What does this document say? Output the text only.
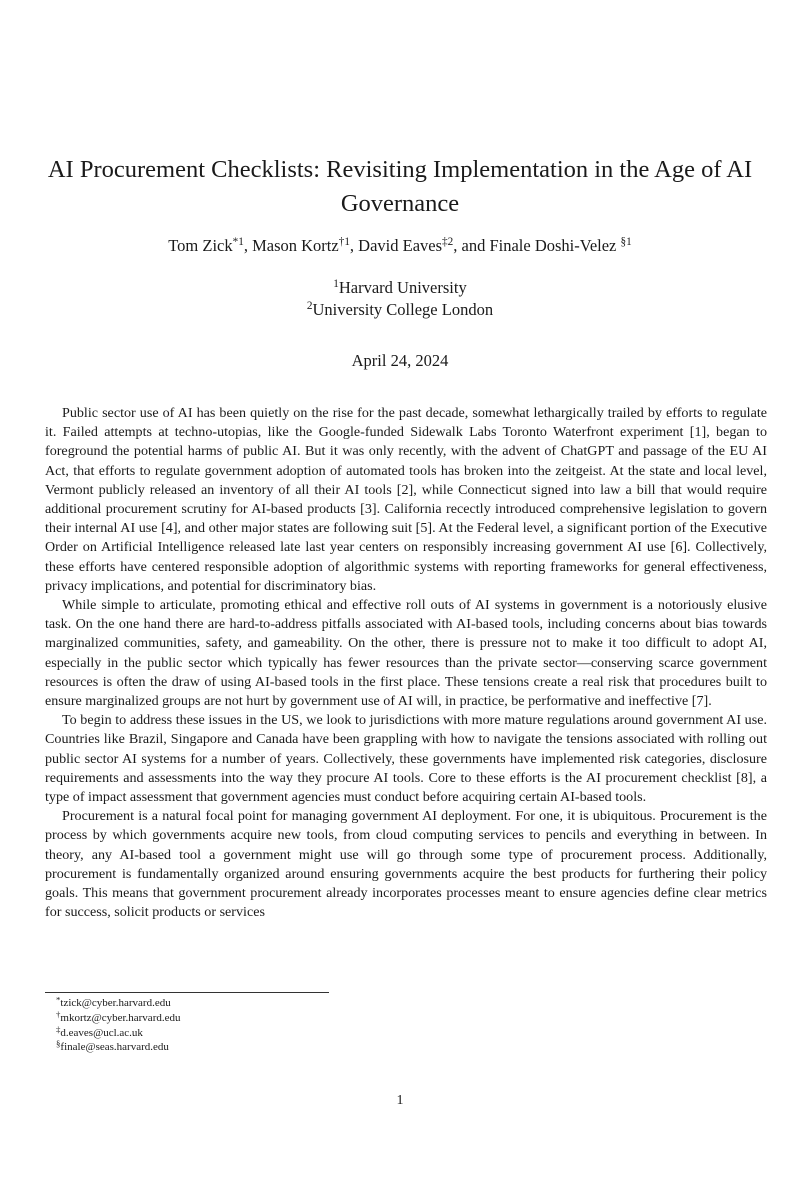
AI Procurement Checklists: Revisiting Implementation in the Age of AI Governance
Tom Zick$^{*1}$, Mason Kortz$^{\dagger 1}$, David Eaves$^{\ddagger 2}$, and Finale Doshi-Velez $^{\S 1}$
$^1$Harvard University
$^2$University College London
April 24, 2024

Public sector use of AI has been quietly on the rise for the past decade, somewhat lethargically trailed by efforts to regulate it. Failed attempts at techno-utopias, like the Google-funded Sidewalk Labs Toronto Waterfront experiment [1], began to foreground the potential harms of public AI. But it was only recently, with the advent of ChatGPT and passage of the EU AI Act, that efforts to regulate government adoption of automated tools has broken into the zeitgeist. At the state and local level, Vermont publicly released an inventory of all their AI tools [2], while Connecticut signed into law a bill that would require additional procurement scrutiny for AI-based products [3]. California recectly introduced comprehensive legislation to govern their internal AI use [4], and other major states are following suit [5]. At the Federal level, a significant portion of the Executive Order on Artificial Intelligence released late last year centers on responsibly increasing government AI use [6]. Collectively, these efforts have centered responsible adoption of algorithmic systems with reporting frameworks for general effectiveness, privacy implications, and potential for discriminatory bias.

While simple to articulate, promoting ethical and effective roll outs of AI systems in government is a notoriously elusive task. On the one hand there are hard-to-address pitfalls associated with AI-based tools, including concerns about bias towards marginalized communities, safety, and gameability. On the other, there is pressure not to make it too difficult to adopt AI, especially in the public sector which typically has fewer resources than the private sector—conserving scarce government resources is often the draw of using AI-based tools in the first place. These tensions create a real risk that procedures built to ensure marginalized groups are not hurt by government use of AI will, in practice, be performative and ineffective [7].

To begin to address these issues in the US, we look to jurisdictions with more mature regulations around government AI use. Countries like Brazil, Singapore and Canada have been grappling with how to navigate the tensions associated with rolling out public sector AI systems for a number of years. Collectively, these governments have implemented risk categories, disclosure requirements and assessments into the way they procure AI tools. Core to these efforts is the AI procurement checklist [8], a type of impact assessment that government agencies must conduct before acquiring certain AI-based tools.

Procurement is a natural focal point for managing government AI deployment. For one, it is ubiquitous. Procurement is the process by which governments acquire new tools, from cloud computing services to pencils and everything in between. In theory, any AI-based tool a government might use will go through some type of procurement process. Additionally, procurement is fundamentally organized around ensuring governments acquire the best products for furthering their policy goals. This means that government procurement already incorporates processes meant to ensure agencies define clear metrics for success, solicit products or services

*tzick@cyber.harvard.edu
†mkortz@cyber.harvard.edu
‡d.eaves@ucl.ac.uk
§finale@seas.harvard.edu
1
